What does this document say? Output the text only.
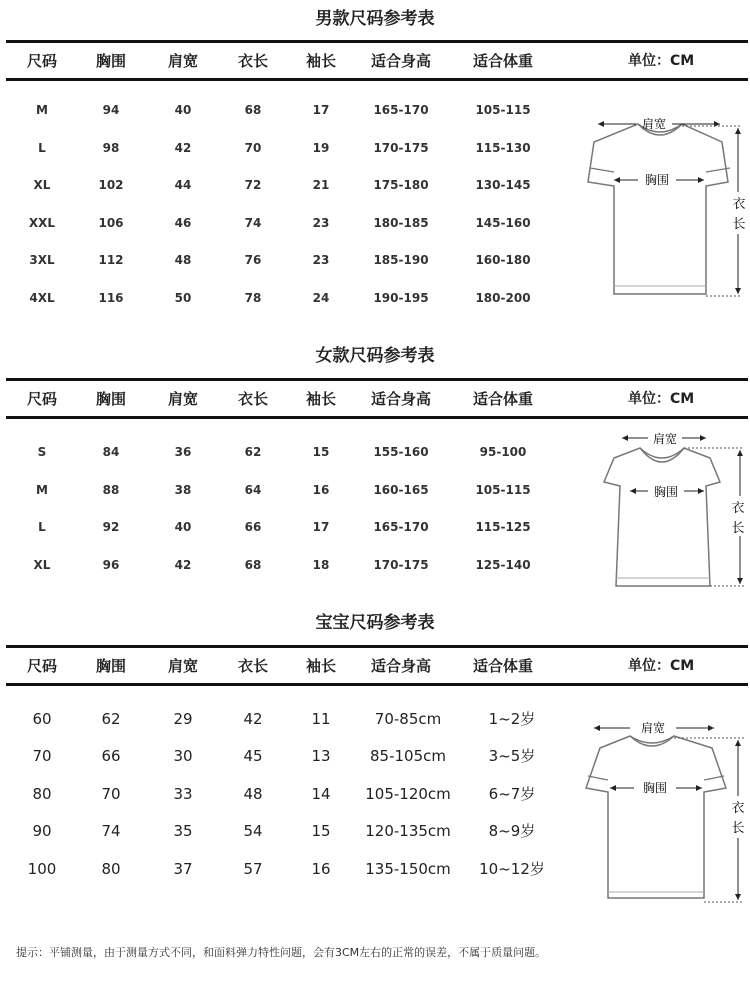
男款尺码参考表
尺码	胸围	肩宽	衣长	袖长 适合身高	适合体重	单位：CM
M	94	40	68	17	165-170	105-115
L	98	42	70	19	170-175	115-130
XL	102	44	72	21	175-180	130-145
XXL	106	46	74	23	180-185	145-160
3XL	112	48	76	23	185-190	160-180
4XL	116	50	78	24	190-195	180-200
女款尺码参考表
尺码	胸围	肩宽	衣长	袖长 适合身高	适合体重	单位：CM
S	84	36	62	15	155-160	95-100
M	88	38	64	16	160-165	105-115
L	92	40	66	17	165-170	115-125
XL	96	42	68	18	170-175	125-140
宝宝尺码参考表
尺码	胸围	肩宽	衣长	袖长 适合身高	适合体重	单位：CM
60	62	29	42	11	70-85cm	1~2岁
70	66	30	45	13	85-105cm	3~5岁
80	70	33	48	14 105-120cm	6~7岁
90	74	35	54	15 120-135cm	8~9岁
100	80	37	57	16 135-150cm 10~12岁
肩宽
胸围
衣
长
肩宽
胸围
衣
长
肩宽
胸围
衣
长
提示：平铺测量，由于测量方式不同，和面料弹力特性问题，会有3CM左右的正常的误差，不属于质量问题。
